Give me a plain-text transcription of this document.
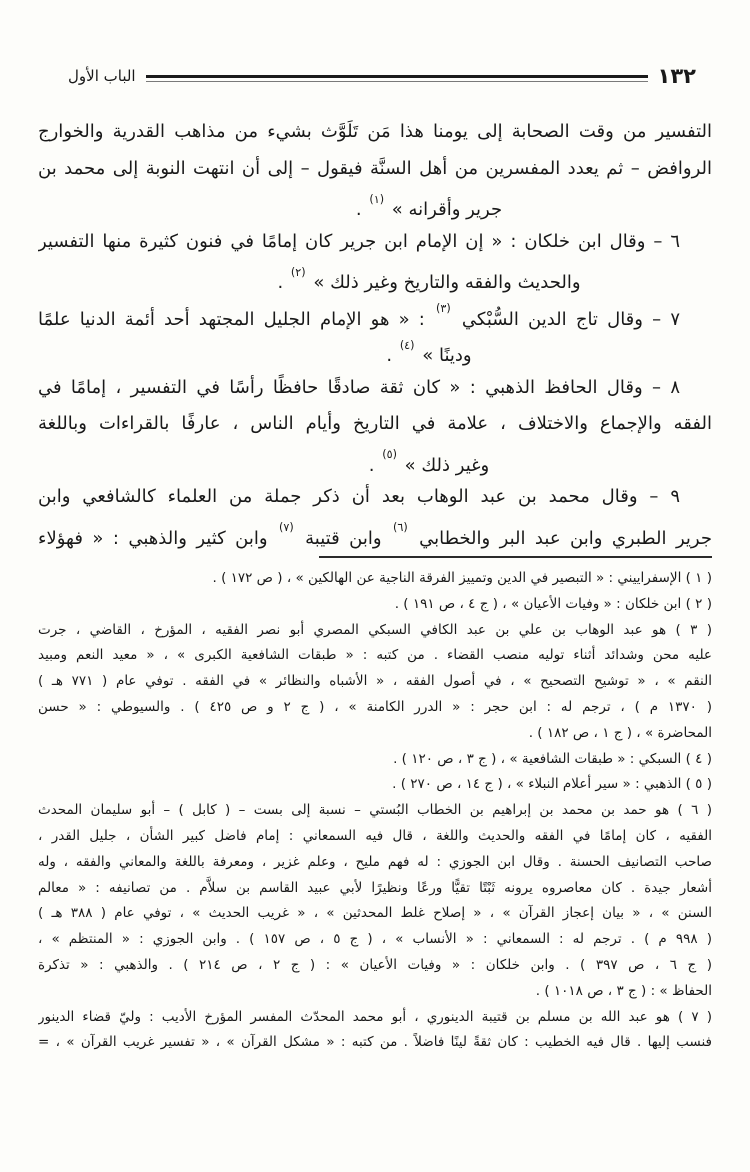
١٣٢
الباب الأول
التفسير من وقت الصحابة إلى يومنا هذا مَن تَلَوَّث بشيء من مذاهب القدرية والخوارج
الروافض – ثم يعدد المفسرين من أهل السنَّة فيقول – إلى أن انتهت النوبة إلى محمد بن
جرير وأقرانه » $^{(١)}$ .
٦ – وقال ابن خلكان : « إن الإمام ابن جرير كان إمامًا في فنون كثيرة منها التفسير
والحديث والفقه والتاريخ وغير ذلك » $^{(٢)}$ .
٧ – وقال تاج الدين السُّبْكي $^{(٣)}$ : « هو الإمام الجليل المجتهد أحد أئمة الدنيا علمًا
ودينًا » $^{(٤)}$ .
٨ – وقال الحافظ الذهبي : « كان ثقة صادقًا حافظًا رأسًا في التفسير ، إمامًا في
الفقه والإجماع والاختلاف ، علامة في التاريخ وأيام الناس ، عارفًا بالقراءات وباللغة
وغير ذلك » $^{(٥)}$ .
٩ – وقال محمد بن عبد الوهاب بعد أن ذكر جملة من العلماء كالشافعي وابن
جرير الطبري وابن عبد البر والخطابي $^{(٦)}$ وابن قتيبة $^{(٧)}$ وابن كثير والذهبي : « فهؤلاء
( ١ ) الإسفراييني : « التبصير في الدين وتمييز الفرقة الناجية عن الهالكين » ، ( ص ١٧٢ ) .
( ٢ ) ابن خلكان : « وفيات الأعيان » ، ( ج ٤ ، ص ١٩١ ) .
( ٣ ) هو عبد الوهاب بن علي بن عبد الكافي السبكي المصري أبو نصر الفقيه ، المؤرخ ، القاضي ، جرت
عليه محن وشدائد أثناء توليه منصب القضاء . من كتبه : « طبقات الشافعية الكبرى » ، « معيد النعم ومبيد
النقم » ، « توشيح التصحيح » ، في أصول الفقه ، « الأشباه والنظائر » في الفقه . توفي عام ( ٧٧١ هـ )
( ١٣٧٠ م ) ، ترجم له : ابن حجر : « الدرر الكامنة » ، ( ج ٢ و ص ٤٢٥ ) . والسيوطي : « حسن
المحاضرة » ، ( ج ١ ، ص ١٨٢ ) .
( ٤ ) السبكي : « طبقات الشافعية » ، ( ج ٣ ، ص ١٢٠ ) .
( ٥ ) الذهبي : « سير أعلام النبلاء » ، ( ج ١٤ ، ص ٢٧٠ ) .
( ٦ ) هو حمد بن محمد بن إبراهيم بن الخطاب البُستي – نسبة إلى بست – ( كابل ) – أبو سليمان المحدث
الفقيه ، كان إمامًا في الفقه والحديث واللغة ، قال فيه السمعاني : إمام فاضل كبير الشأن ، جليل القدر ،
صاحب التصانيف الحسنة . وقال ابن الجوزي : له فهم مليح ، وعلم غزير ، ومعرفة باللغة والمعاني والفقه ، وله
أشعار جيدة . كان معاصروه يرونه ثَبْتًا تقيًّا ورعًا ونظيرًا لأبي عبيد القاسم بن سلاَّم . من تصانيفه : « معالم
السنن » ، « بيان إعجاز القرآن » ، « إصلاح غلط المحدثين » ، « غريب الحديث » ، توفي عام ( ٣٨٨ هـ )
( ٩٩٨ م ) . ترجم له : السمعاني : « الأنساب » ، ( ج ٥ ، ص ١٥٧ ) . وابن الجوزي : « المنتظم » ،
( ج ٦ ، ص ٣٩٧ ) . وابن خلكان : « وفيات الأعيان » : ( ج ٢ ، ص ٢١٤ ) . والذهبي : « تذكرة
الحفاظ » : ( ج ٣ ، ص ١٠١٨ ) .
( ٧ ) هو عبد الله بن مسلم بن قتيبة الدينوري ، أبو محمد المحدّث المفسر المؤرخ الأديب : وليّ قضاء الدينور
فنسب إليها . قال فيه الخطيب : كان ثقةً لينًا فاضلاً . من كتبه : « مشكل القرآن » ، « تفسير غريب القرآن » ، =
